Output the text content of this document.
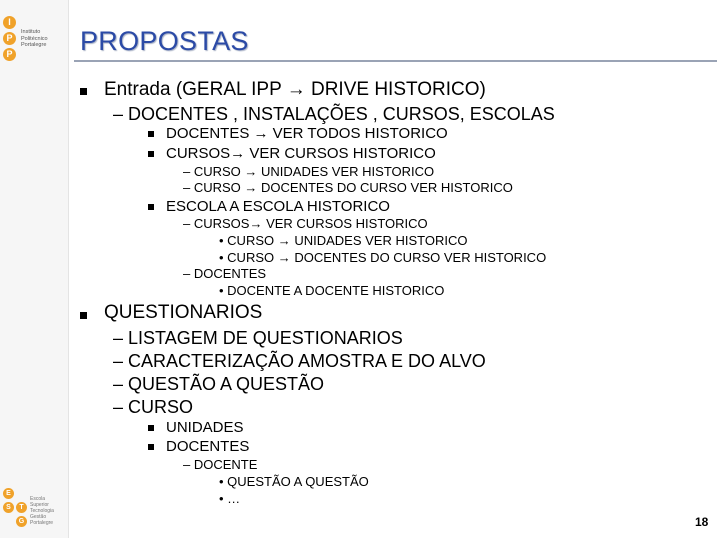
I
P
P
Instituto
Politécnico
Portalegre
E
S	T
G
Escola
Superior
Tecnologia
Gestão
Portalegre
PROPOSTAS
Entrada (GERAL IPP → DRIVE HISTORICO)
– DOCENTES , INSTALAÇÕES , CURSOS, ESCOLAS
DOCENTES → VER TODOS HISTORICO
CURSOS→ VER CURSOS HISTORICO
– CURSO → UNIDADES VER HISTORICO
– CURSO → DOCENTES DO CURSO VER HISTORICO
ESCOLA A ESCOLA HISTORICO
– CURSOS→ VER CURSOS HISTORICO
• CURSO → UNIDADES VER HISTORICO
• CURSO → DOCENTES DO CURSO VER HISTORICO
– DOCENTES
• DOCENTE A DOCENTE HISTORICO
QUESTIONARIOS
– LISTAGEM DE QUESTIONARIOS
– CARACTERIZAÇÃO AMOSTRA E DO ALVO
– QUESTÃO A QUESTÃO
– CURSO
UNIDADES
DOCENTES
– DOCENTE
• QUESTÃO A QUESTÃO
• …
18
